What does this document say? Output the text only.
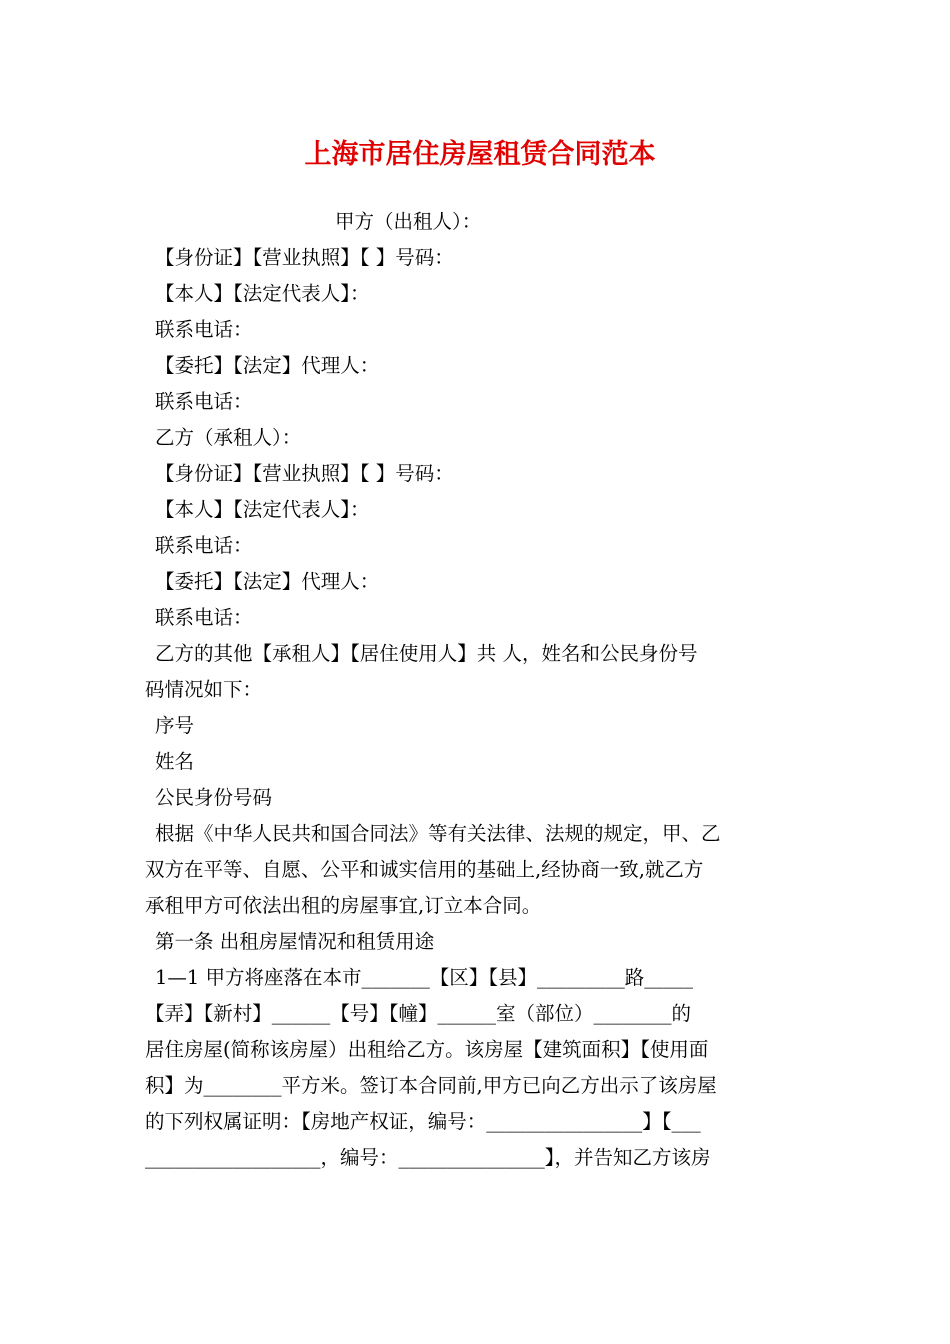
上海市居住房屋租赁合同范本
甲方（出租人）：
【身份证】【营业执照】【 】号码：
【本人】【法定代表人】：
联系电话：
【委托】【法定】代理人：
联系电话：
乙方（承租人）：
【身份证】【营业执照】【 】号码：
【本人】【法定代表人】：
联系电话：
【委托】【法定】代理人：
联系电话：
乙方的其他【承租人】【居住使用人】共 人，姓名和公民身份号
码情况如下：
序号
姓名
公民身份号码
根据《中华人民共和国合同法》等有关法律、法规的规定，甲、乙
双方在平等、自愿、公平和诚实信用的基础上,经协商一致,就乙方
承租甲方可依法出租的房屋事宜,订立本合同。
第一条 出租房屋情况和租赁用途
1—1 甲方将座落在本市_______【区】【县】_________路_____
【弄】【新村】______【号】【幢】______室（部位）________的
居住房屋(简称该房屋）出租给乙方。该房屋【建筑面积】【使用面
积】为________平方米。签订本合同前,甲方已向乙方出示了该房屋
的下列权属证明：【房地产权证，编号：________________】【___
__________________，编号：_______________】，并告知乙方该房
